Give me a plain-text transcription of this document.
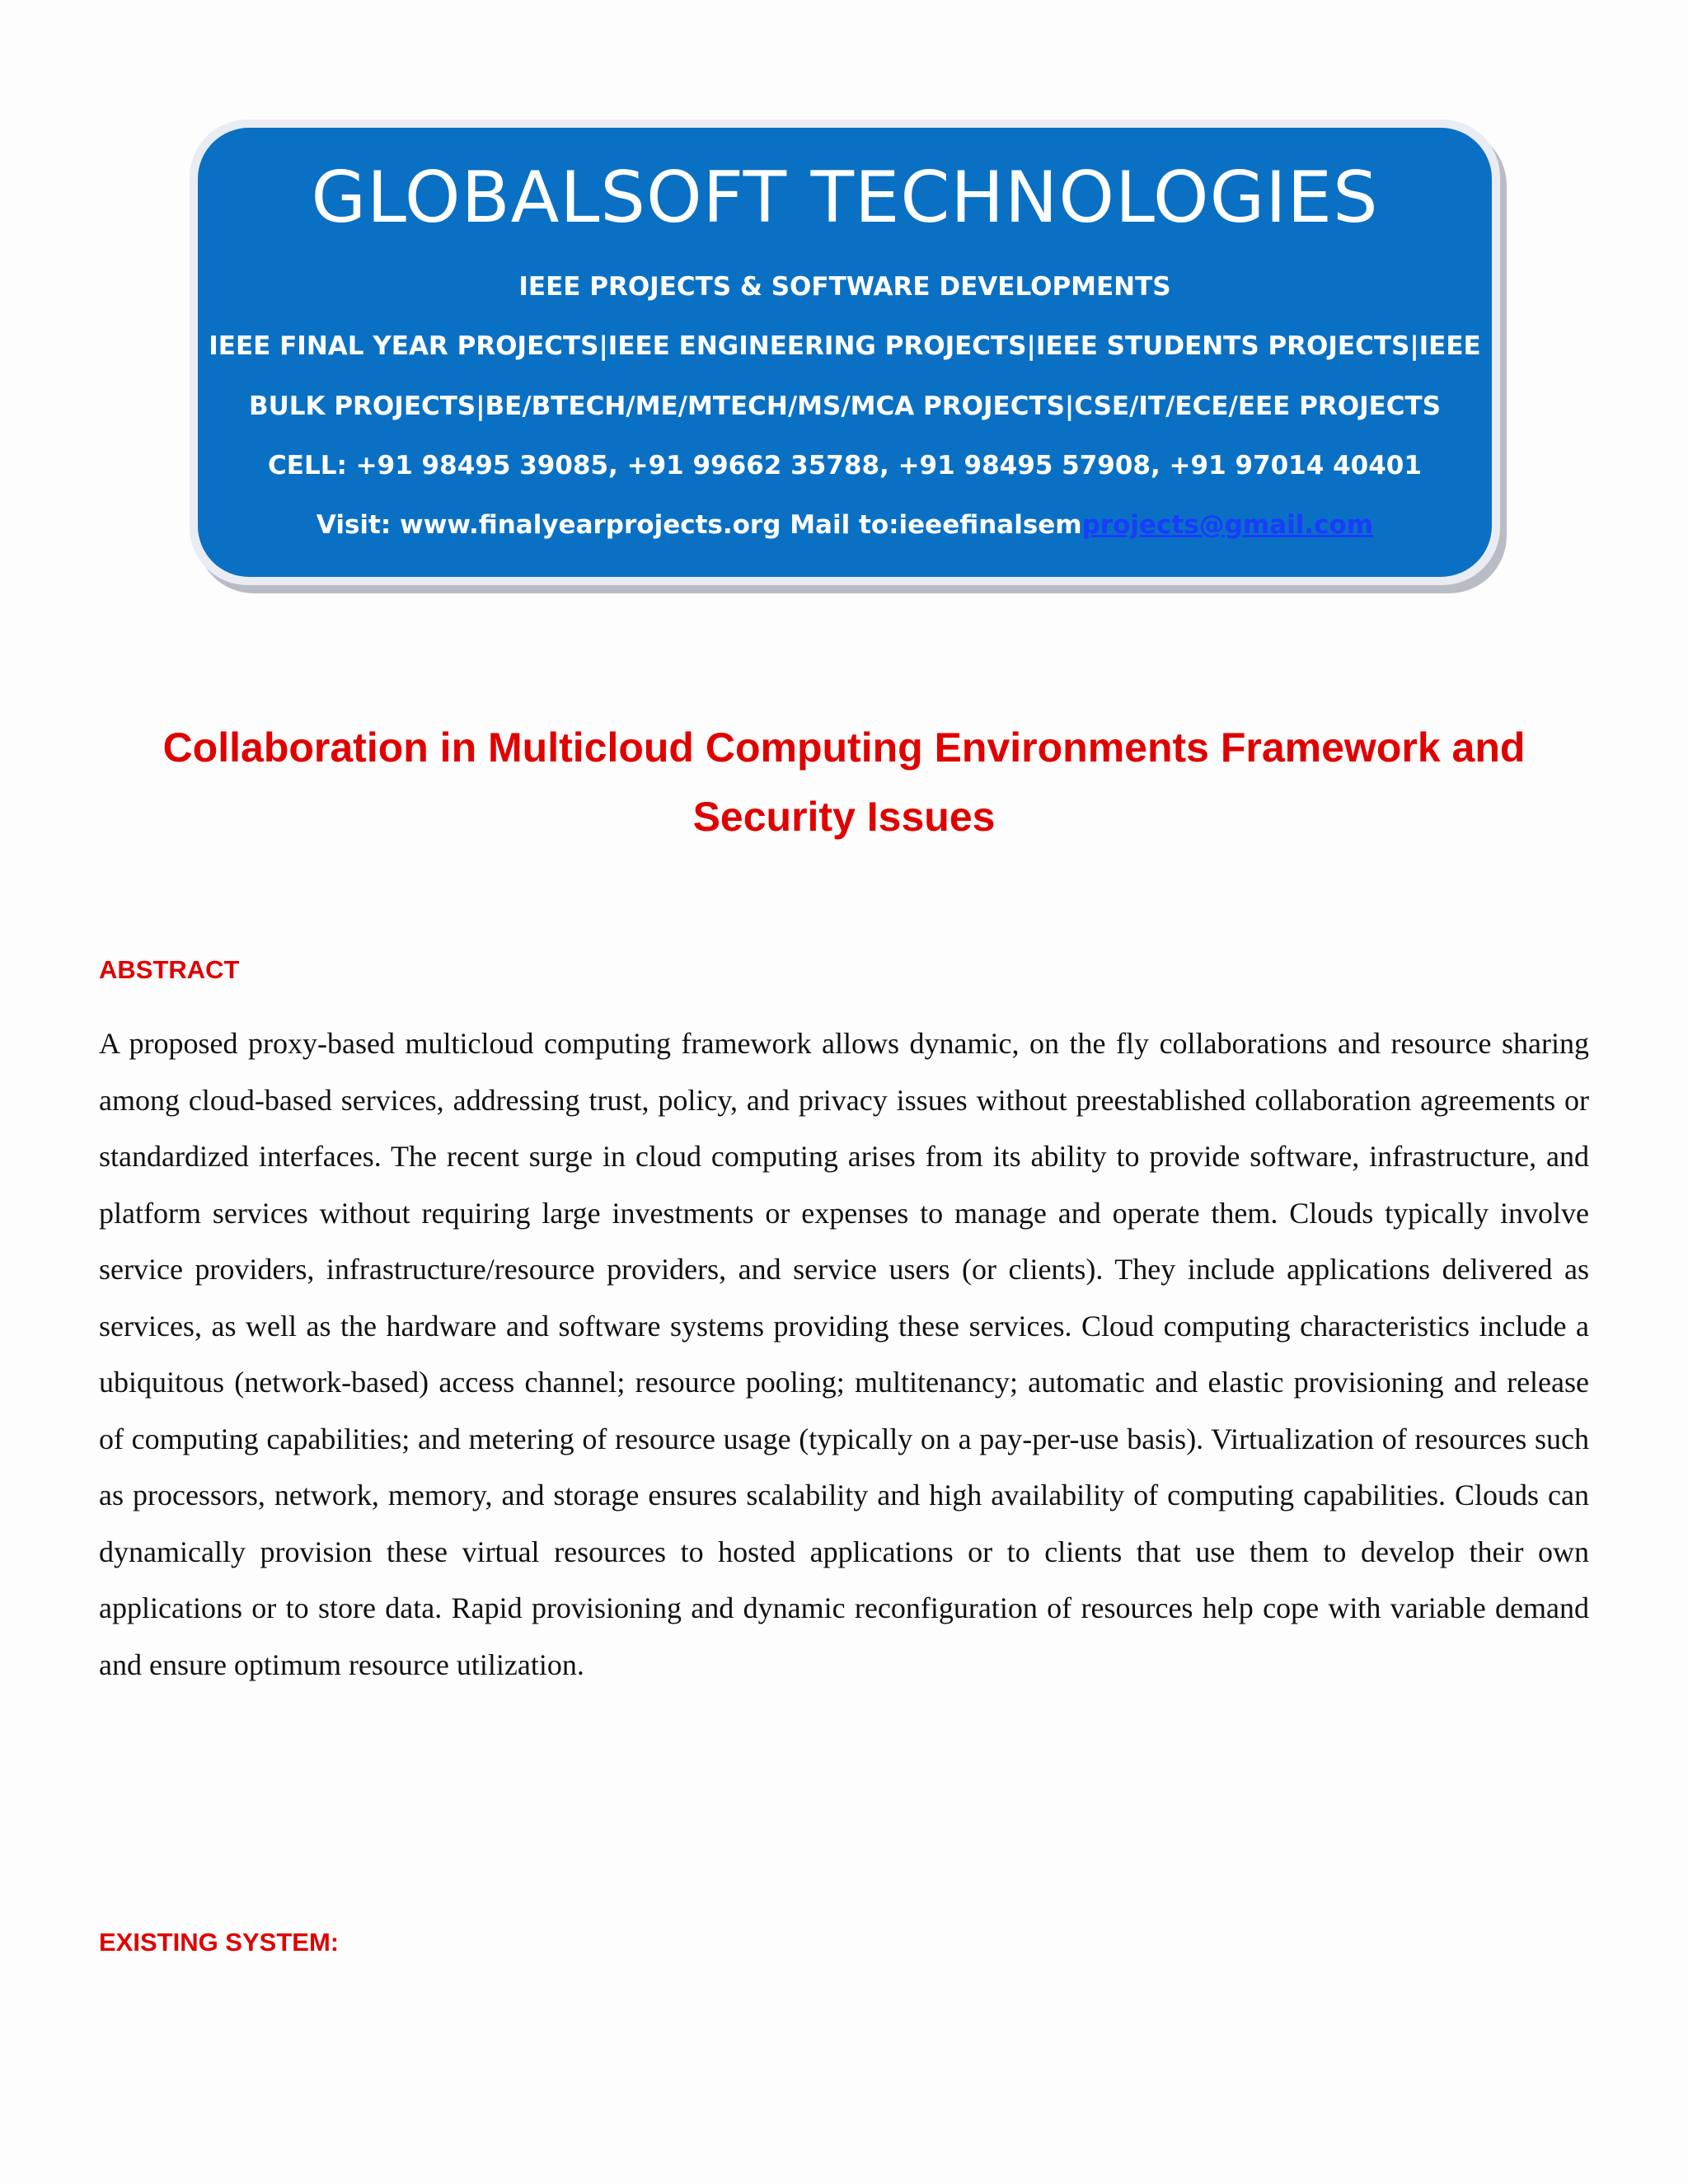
GLOBALSOFT TECHNOLOGIES
IEEE PROJECTS & SOFTWARE DEVELOPMENTS
IEEE FINAL YEAR PROJECTS|IEEE ENGINEERING PROJECTS|IEEE STUDENTS PROJECTS|IEEE
BULK PROJECTS|BE/BTECH/ME/MTECH/MS/MCA PROJECTS|CSE/IT/ECE/EEE PROJECTS
CELL: +91 98495 39085, +91 99662 35788, +91 98495 57908, +91 97014 40401
Visit: www.finalyearprojects.org Mail to:ieeefinalsemprojects@gmail.com
Collaboration in Multicloud Computing Environments Framework and Security Issues
ABSTRACT

A proposed proxy-based multicloud computing framework allows dynamic, on the fly collaborations and resource sharing among cloud-based services, addressing trust, policy, and privacy issues without preestablished collaboration agreements or standardized interfaces. The recent surge in cloud computing arises from its ability to provide software, infrastructure, and platform services without requiring large investments or expenses to manage and operate them. Clouds typically involve service providers, infrastructure/resource providers, and service users (or clients). They include applications delivered as services, as well as the hardware and software systems providing these services. Cloud computing characteristics include a ubiquitous (network-based) access channel; resource pooling; multitenancy; automatic and elastic provisioning and release of computing capabilities; and metering of resource usage (typically on a pay-per-use basis). Virtualization of resources such as processors, network, memory, and storage ensures scalability and high availability of computing capabilities. Clouds can dynamically provision these virtual resources to hosted applications or to clients that use them to develop their own applications or to store data. Rapid provisioning and dynamic reconfiguration of resources help cope with variable demand and ensure optimum resource utilization.

EXISTING SYSTEM:
